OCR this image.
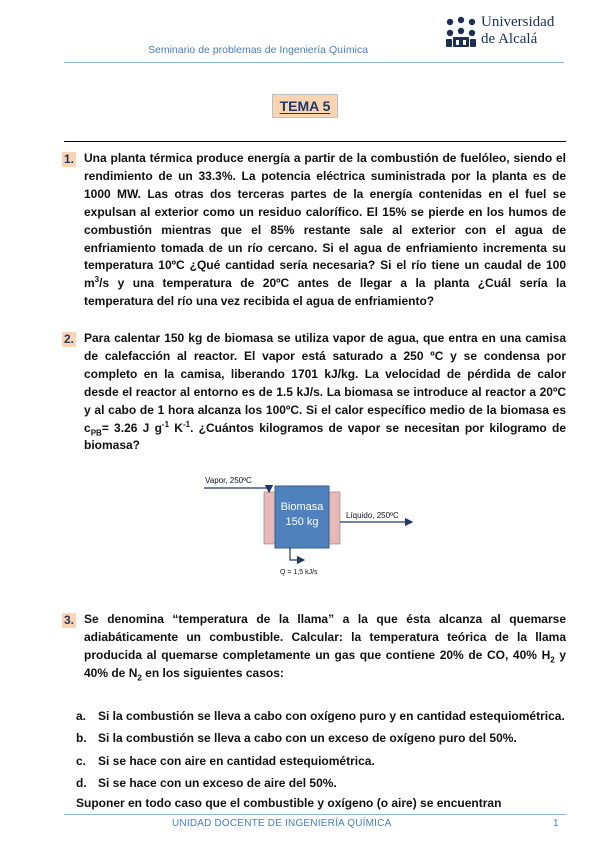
Seminario de problemas de Ingeniería Química
Universidad
de Alcalá
TEMA 5
1. Una planta térmica produce energía a partir de la combustión de fuelóleo, siendo el rendimiento de un 33.3%. La potencia eléctrica suministrada por la planta es de 1000 MW. Las otras dos terceras partes de la energía contenidas en el fuel se expulsan al exterior como un residuo calorífico. El 15% se pierde en los humos de combustión mientras que el 85% restante sale al exterior con el agua de enfriamiento tomada de un río cercano. Si el agua de enfriamiento incrementa su temperatura 10ºC ¿Qué cantidad sería necesaria? Si el río tiene un caudal de 100 $m^3/s$ y una temperatura de 20ºC antes de llegar a la planta ¿Cuál sería la temperatura del río una vez recibida el agua de enfriamiento?
2. Para calentar 150 kg de biomasa se utiliza vapor de agua, que entra en una camisa de calefacción al reactor. El vapor está saturado a 250 ºC y se condensa por completo en la camisa, liberando 1701 kJ/kg. La velocidad de pérdida de calor desde el reactor al entorno es de 1.5 kJ/s. La biomasa se introduce al reactor a 20ºC y al cabo de 1 hora alcanza los 100ºC. Si el calor específico medio de la biomasa es $c_{PB}= 3.26$ J $g^{-1}$ $K^{-1}$. ¿Cuántos kilogramos de vapor se necesitan por kilogramo de biomasa?
Biomasa
150 kg
Vapor, 250ºC
Líquido, 250ºC
Q = 1,5 kJ/s
3. Se denomina “temperatura de la llama” a la que ésta alcanza al quemarse adiabáticamente un combustible. Calcular: la temperatura teórica de la llama producida al quemarse completamente un gas que contiene 20% de CO, 40% $H_2$ y 40% de $N_2$ en los siguientes casos:
a. Si la combustión se lleva a cabo con oxígeno puro y en cantidad estequiométrica.
b. Si la combustión se lleva a cabo con un exceso de oxígeno puro del 50%.
c. Si se hace con aire en cantidad estequiométrica.
d. Si se hace con un exceso de aire del 50%.
Suponer en todo caso que el combustible y oxígeno (o aire) se encuentran
UNIDAD DOCENTE DE INGENIERÍA QUÍMICA	1
